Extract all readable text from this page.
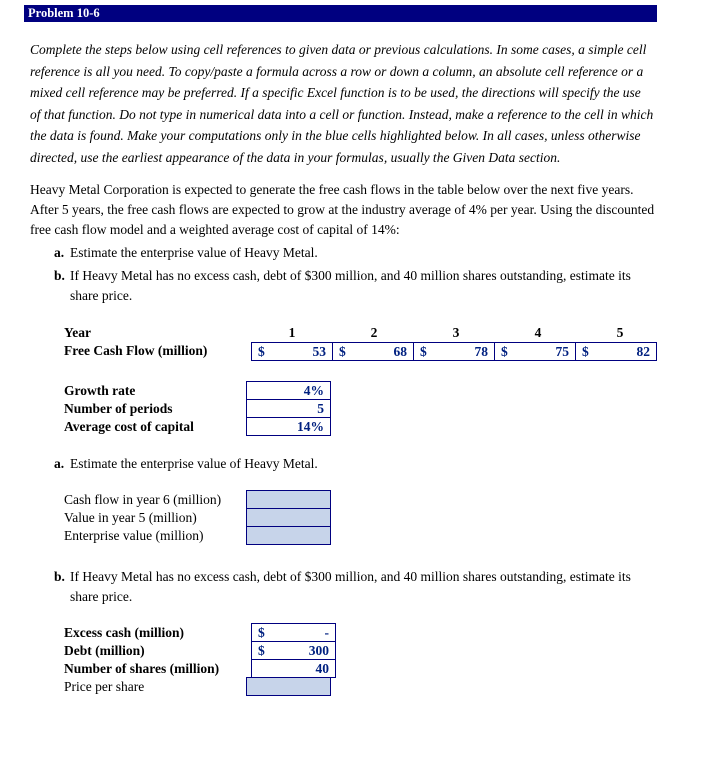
Problem 10-6

Complete the steps below using cell references to given data or previous calculations. In some cases, a simple cell reference is all you need. To copy/paste a formula across a row or down a column, an absolute cell reference or a mixed cell reference may be preferred. If a specific Excel function is to be used, the directions will specify the use of that function. Do not type in numerical data into a cell or function. Instead, make a reference to the cell in which the data is found. Make your computations only in the blue cells highlighted below. In all cases, unless otherwise directed, use the earliest appearance of the data in your formulas, usually the Given Data section.

Heavy Metal Corporation is expected to generate the free cash flows in the table below over the next five years. After 5 years, the free cash flows are expected to grow at the industry average of 4% per year. Using the discounted free cash flow model and a weighted average cost of capital of 14%:

a. Estimate the enterprise value of Heavy Metal.
b. If Heavy Metal has no excess cash, debt of $300 million, and 40 million shares outstanding, estimate its share price.
Year	1	2	3	4	5
Free Cash Flow (million)	$	53 $	68 $	78 $	75 $	82
Growth rate	4%
Number of periods	5
Average cost of capital	14%
a. Estimate the enterprise value of Heavy Metal.
Cash flow in year 6 (million)
Value in year 5 (million)
Enterprise value (million)
b. If Heavy Metal has no excess cash, debt of $300 million, and 40 million shares outstanding, estimate its share price.
Excess cash (million)	$	-
Debt (million)	$	300
Number of shares (million)	40
Price per share
